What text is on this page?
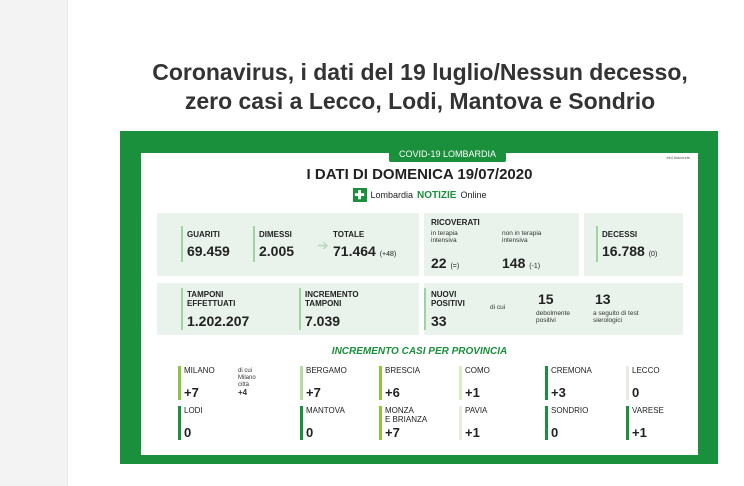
Coronavirus, i dati del 19 luglio/Nessun decesso,
zero casi a Lecco, Lodi, Mantova e Sondrio
COVID-19 LOMBARDIA	#lnl #stcorsfe
I DATI DI DOMENICA 19/07/2020
✚ Lombardia NOTIZIE Online
GUARITI
69.459
DIMESSI
2.005 ➔
TOTALE
71.464 (+48)
RICOVERATI
in terapia intensiva
22 (=)
non in terapia intensiva
148 (-1)
DECESSI
16.788 (0)
TAMPONI
EFFETTUATI
1.202.207
INCREMENTO
TAMPONI
7.039
NUOVI
POSITIVI
33
di cui
15
debolmente positivi
13
a seguito di test sierologici
INCREMENTO CASI PER PROVINCIA
MILANO
+7
di cui
Milano città
+4
BERGAMO
+7
BRESCIA
+6
COMO
+1
CREMONA
+3
LECCO
0
LODI
0
MANTOVA
0
MONZA
E BRIANZA
+7
PAVIA
+1
SONDRIO
0
VARESE
+1
